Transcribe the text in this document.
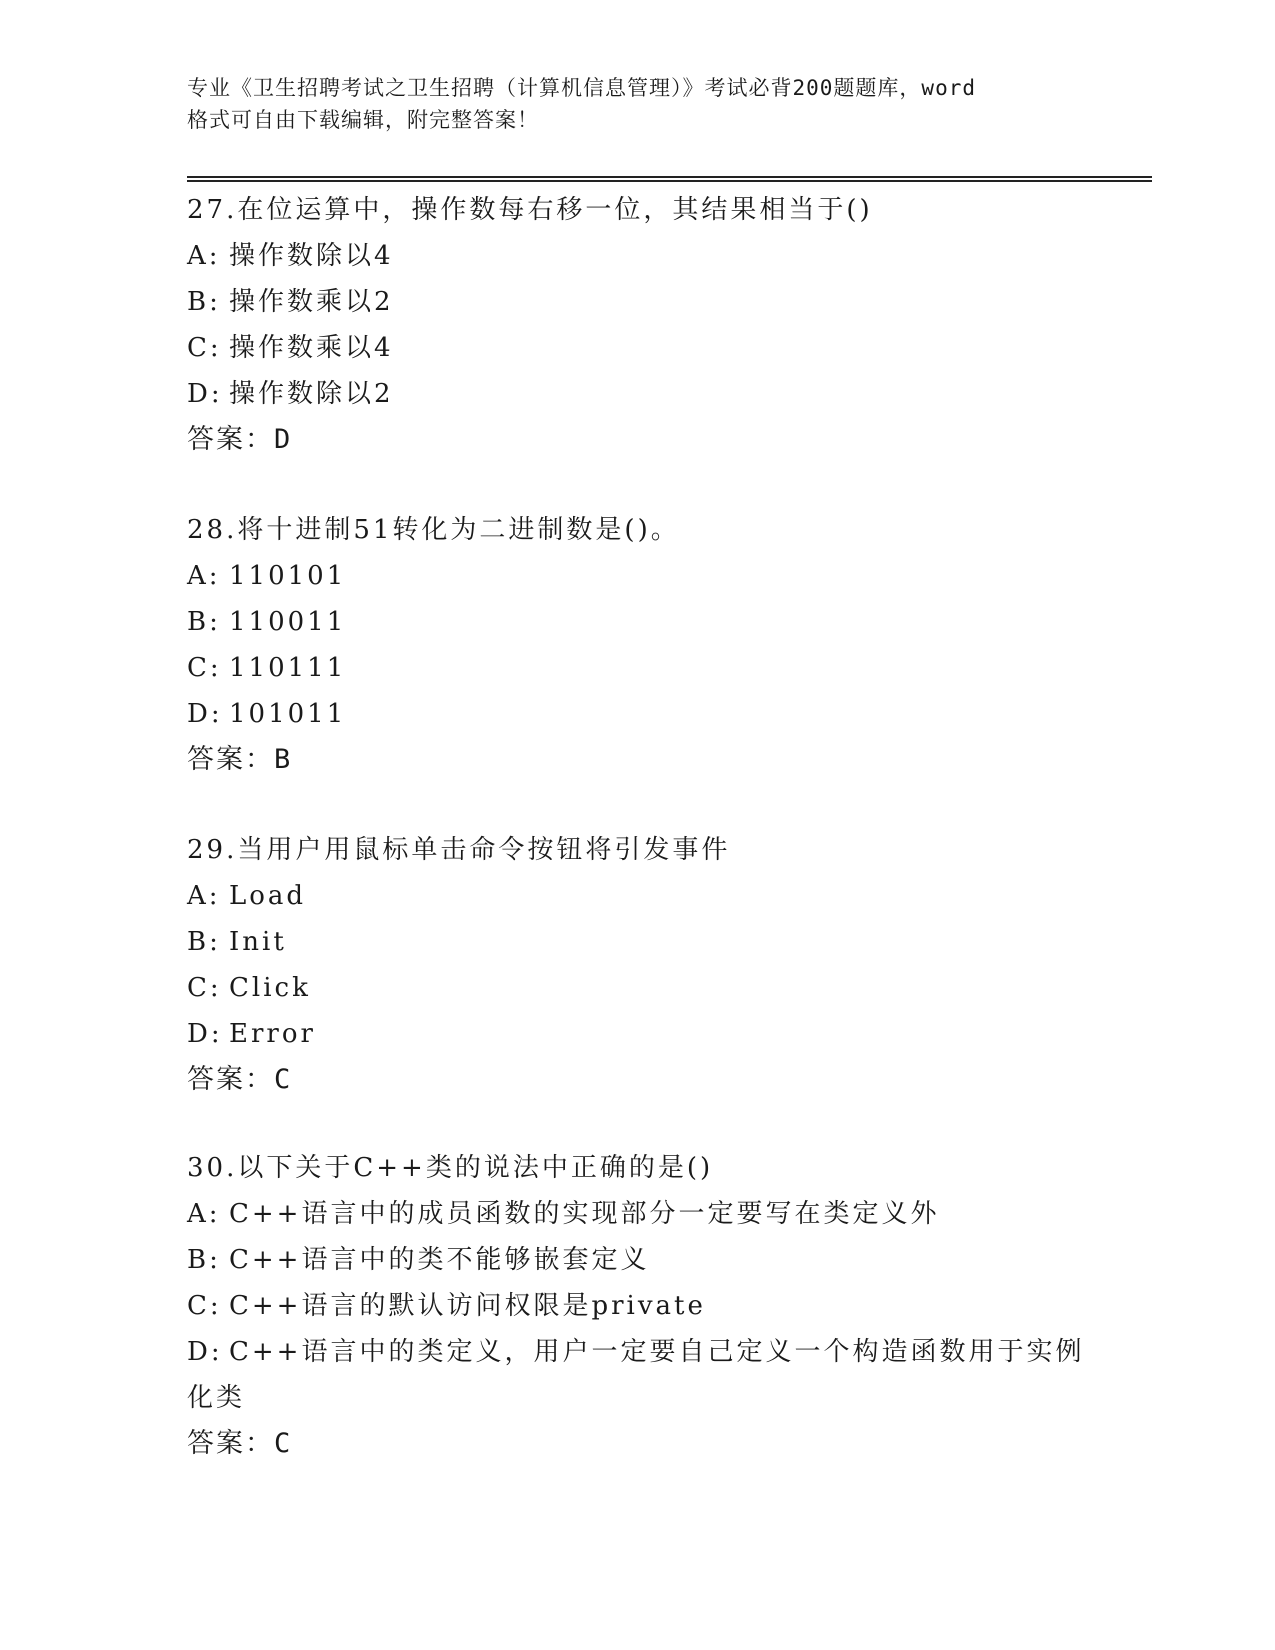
专业《卫生招聘考试之卫生招聘（计算机信息管理）》考试必背200题题库，word
格式可自由下载编辑，附完整答案！
27.在位运算中，操作数每右移一位，其结果相当于()
A: 操作数除以4
B: 操作数乘以2
C: 操作数乘以4
D: 操作数除以2
答案：D
28.将十进制51转化为二进制数是()。
A: 110101
B: 110011
C: 110111
D: 101011
答案：B
29.当用户用鼠标单击命令按钮将引发事件
A: Load
B: Init
C: Click
D: Error
答案：C
30.以下关于C++类的说法中正确的是()
A: C++语言中的成员函数的实现部分一定要写在类定义外
B: C++语言中的类不能够嵌套定义
C: C++语言的默认访问权限是private
D: C++语言中的类定义，用户一定要自己定义一个构造函数用于实例
化类
答案：C
